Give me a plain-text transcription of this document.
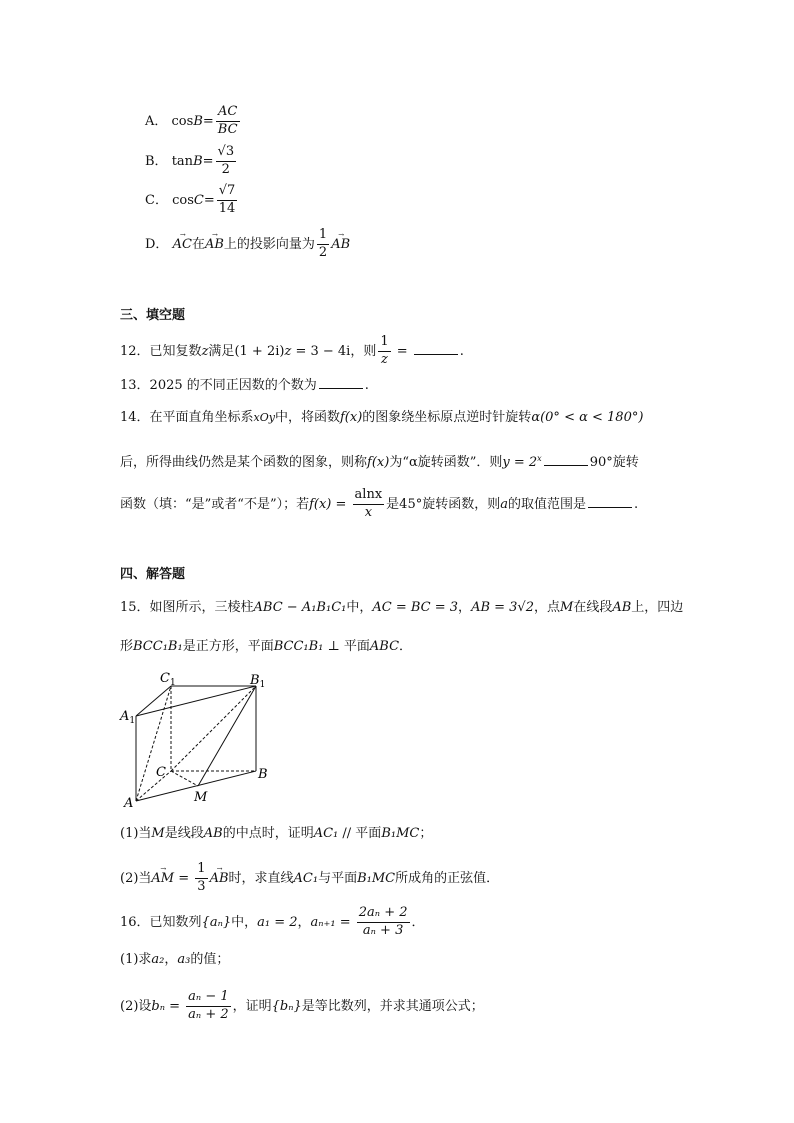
A． $\cos B= \frac{AC}{BC}$
B． $\tan B= \frac{√3}{2}$
C． $\cos C= \frac{√7}{14}$
D．
→
AC在
→
AB上的投影向量为 $\frac{1}{2}$	→
AB
三、填空题
12．已知复数z满足(1 + 2i)z = 3 − 4i，则 $\frac{1}{z}$ =	.
13．2025 的不同正因数的个数为	.
14．在平面直角坐标系xOy中，将函数f(x)的图象绕坐标原点逆时针旋转α(0° < α < 180°)
后，所得曲线仍然是某个函数的图象，则称f(x)为“α旋转函数”．则$y = 2^x$	90°旋转
函数（填：“是”或者“不是”）；若$f(x) = \frac{alnx}{x}$ 是45°旋转函数，则a的取值范围是	.
四、解答题
15．如图所示，三棱柱ABC − A₁B₁C₁中，AC = BC = 3，AB = 3√2，点M在线段AB上，四边
形BCC₁B₁是正方形，平面BCC₁B₁ ⊥ 平面ABC．
$C_1$	$B_1$
$A_1$
C	B
A	M
(1)当M是线段AB的中点时，证明AC₁ // 平面B₁MC；
(2)当
→
AM = $\frac{1}{3}$	→
AB时，求直线AC₁与平面B₁MC所成角的正弦值．
16．已知数列{aₙ}中，a₁ = 2，$a_{n+1} = \frac{\text{2aₙ + 2}}{\text{aₙ + 3}}$ ．
(1)求a₂，a₃的值；
(2)设$b_n = \frac{\text{aₙ − 1}}{\text{aₙ + 2}}$ ，证明{bₙ}是等比数列，并求其通项公式；
